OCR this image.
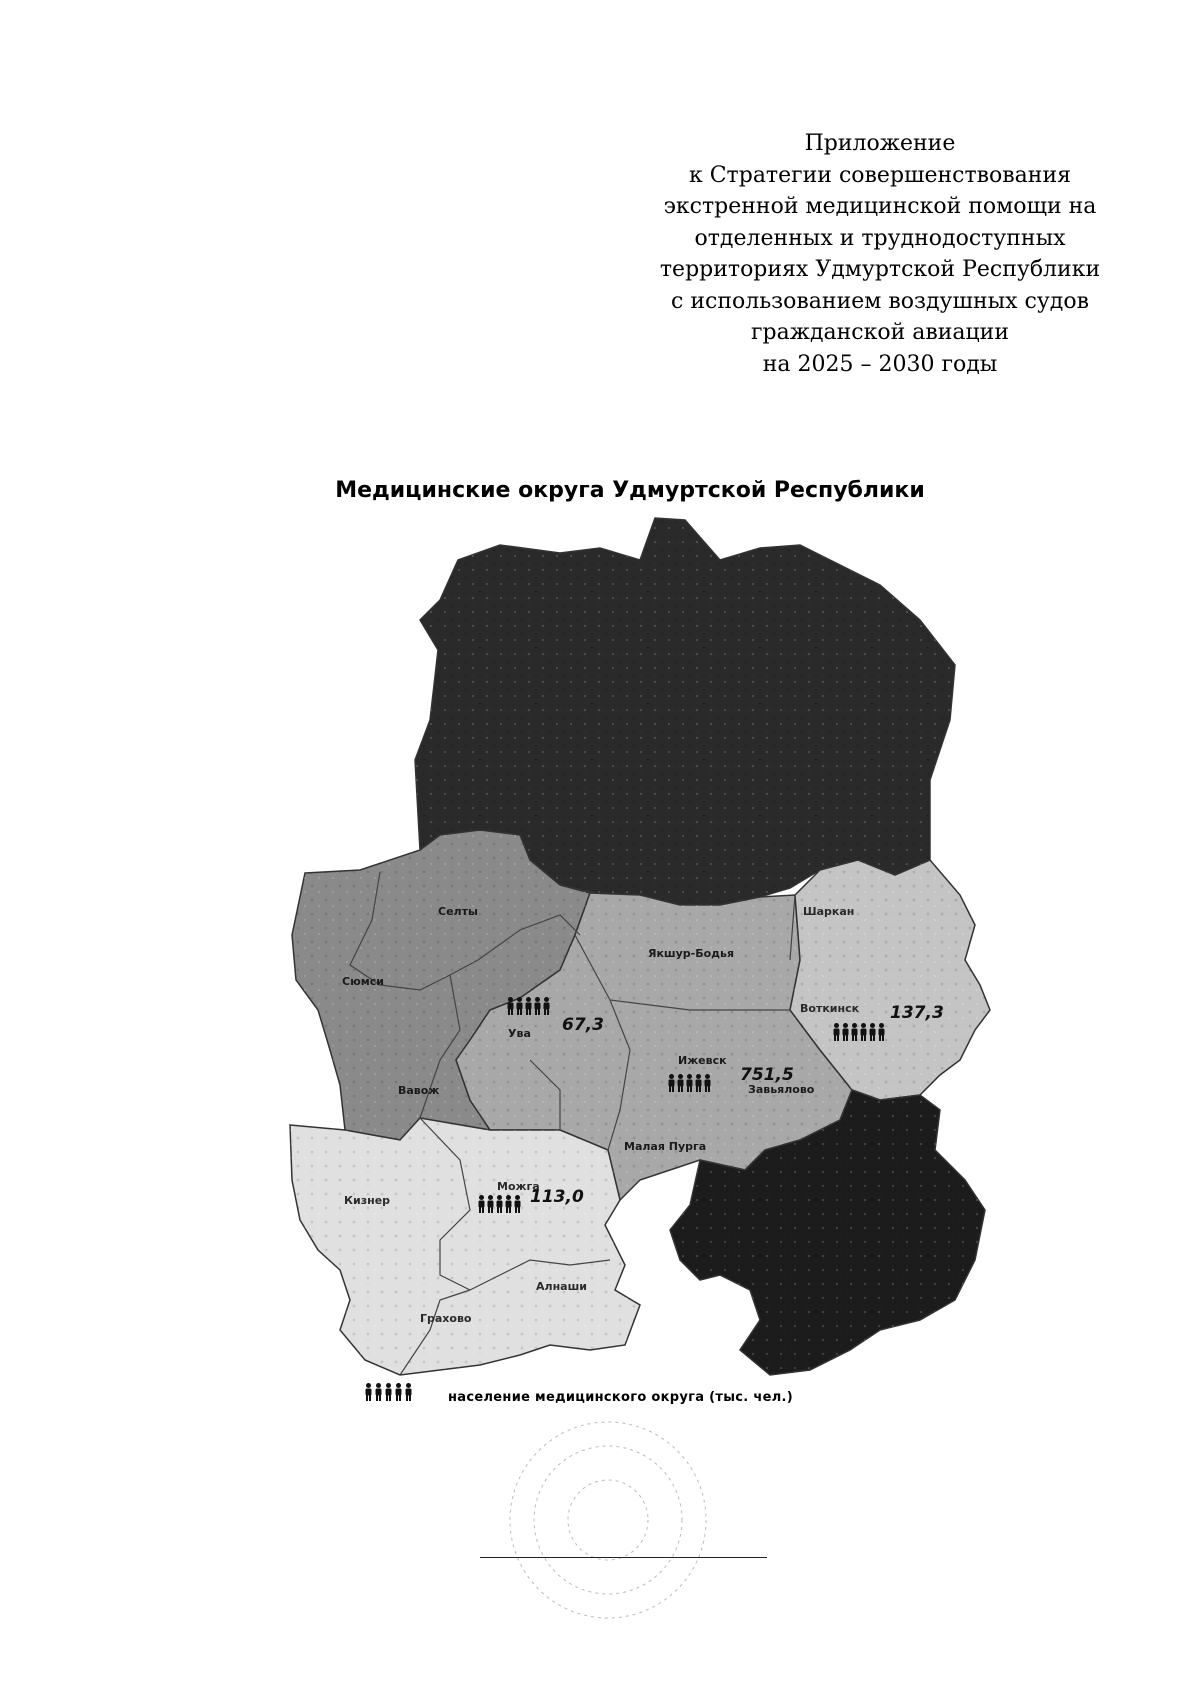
Приложение
к Стратегии совершенствования
экстренной медицинской помощи на
отделенных и труднодоступных
территориях Удмуртской Республики
с использованием воздушных судов
гражданской авиации
на 2025 – 2030 годы
Медицинские округа Удмуртской Республики
Шаркан
Якшур-Бодья
Селты
Сюмси
Вавож
Ува 67,3
Воткинск 137,3
Ижевск
751,5
Завьялово
Малая Пурга
Можга
113,0
Кизнер
Алнаши
Грахово
население медицинского округа (тыс. чел.)
